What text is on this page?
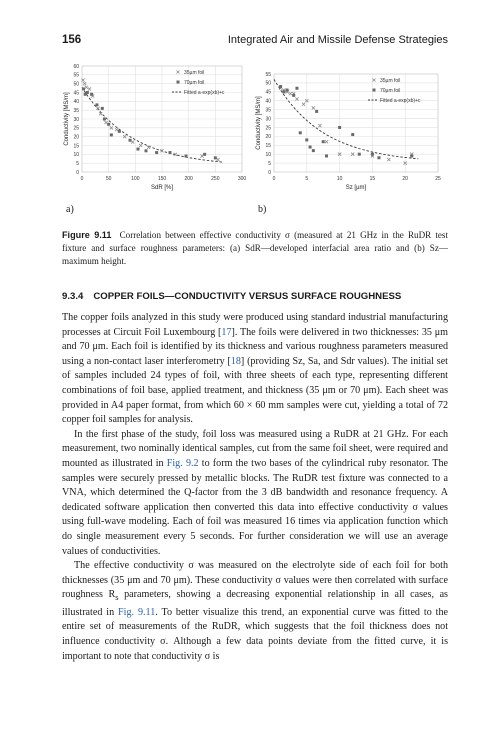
156	Integrated Air and Missile Defense Strategies
0
5
10
15
20
25
30
35
40
45
50
55
60
0	50	100	150	200	250	300
SdR [%]
Conductivity [MS/m]
35µm foil
70µm foil
Fitted a·exp(xb)+c
0
5
10
15
20
25
30
35
40
45
50
55
0	5	10	15	20	25
Sz [µm]
Conductivity [MS/m]
35µm foil
70µm foil
Fitted a·exp(xb)+c
a)	b)
Figure 9.11 Correlation between effective conductivity σ (measured at 21 GHz in the RuDR test fixture and surface roughness parameters: (a) SdR—developed interfacial area ratio and (b) Sz—maximum height.
9.3.4 COPPER FOILS—CONDUCTIVITY VERSUS SURFACE ROUGHNESS

The copper foils analyzed in this study were produced using standard industrial manufacturing processes at Circuit Foil Luxembourg [17]. The foils were delivered in two thicknesses: 35 μm and 70 μm. Each foil is identified by its thickness and various roughness parameters measured using a non-contact laser interferometry [18] (providing Sz, Sa, and Sdr values). The initial set of samples included 24 types of foil, with three sheets of each type, representing different combinations of foil base, applied treatment, and thickness (35 μm or 70 μm). Each sheet was provided in A4 paper format, from which 60 × 60 mm samples were cut, yielding a total of 72 copper foil samples for analysis.

In the first phase of the study, foil loss was measured using a RuDR at 21 GHz. For each measurement, two nominally identical samples, cut from the same foil sheet, were required and mounted as illustrated in Fig. 9.2 to form the two bases of the cylindrical ruby resonator. The samples were securely pressed by metallic blocks. The RuDR test fixture was connected to a VNA, which determined the Q-factor from the 3 dB bandwidth and resonance frequency. A dedicated software application then converted this data into effective conductivity σ values using full-wave modeling. Each of foil was measured 16 times via application function which do single measurement every 5 seconds. For further consideration we will use an average values of conductivities.

The effective conductivity σ was measured on the electrolyte side of each foil for both thicknesses (35 μm and 70 μm). These conductivity σ values were then correlated with surface roughness $R_s$ parameters, showing a decreasing exponential relationship in all cases, as illustrated in Fig. 9.11. To better visualize this trend, an exponential curve was fitted to the entire set of measurements of the RuDR, which suggests that the foil thickness does not influence conductivity σ. Although a few data points deviate from the fitted curve, it is important to note that conductivity σ is
